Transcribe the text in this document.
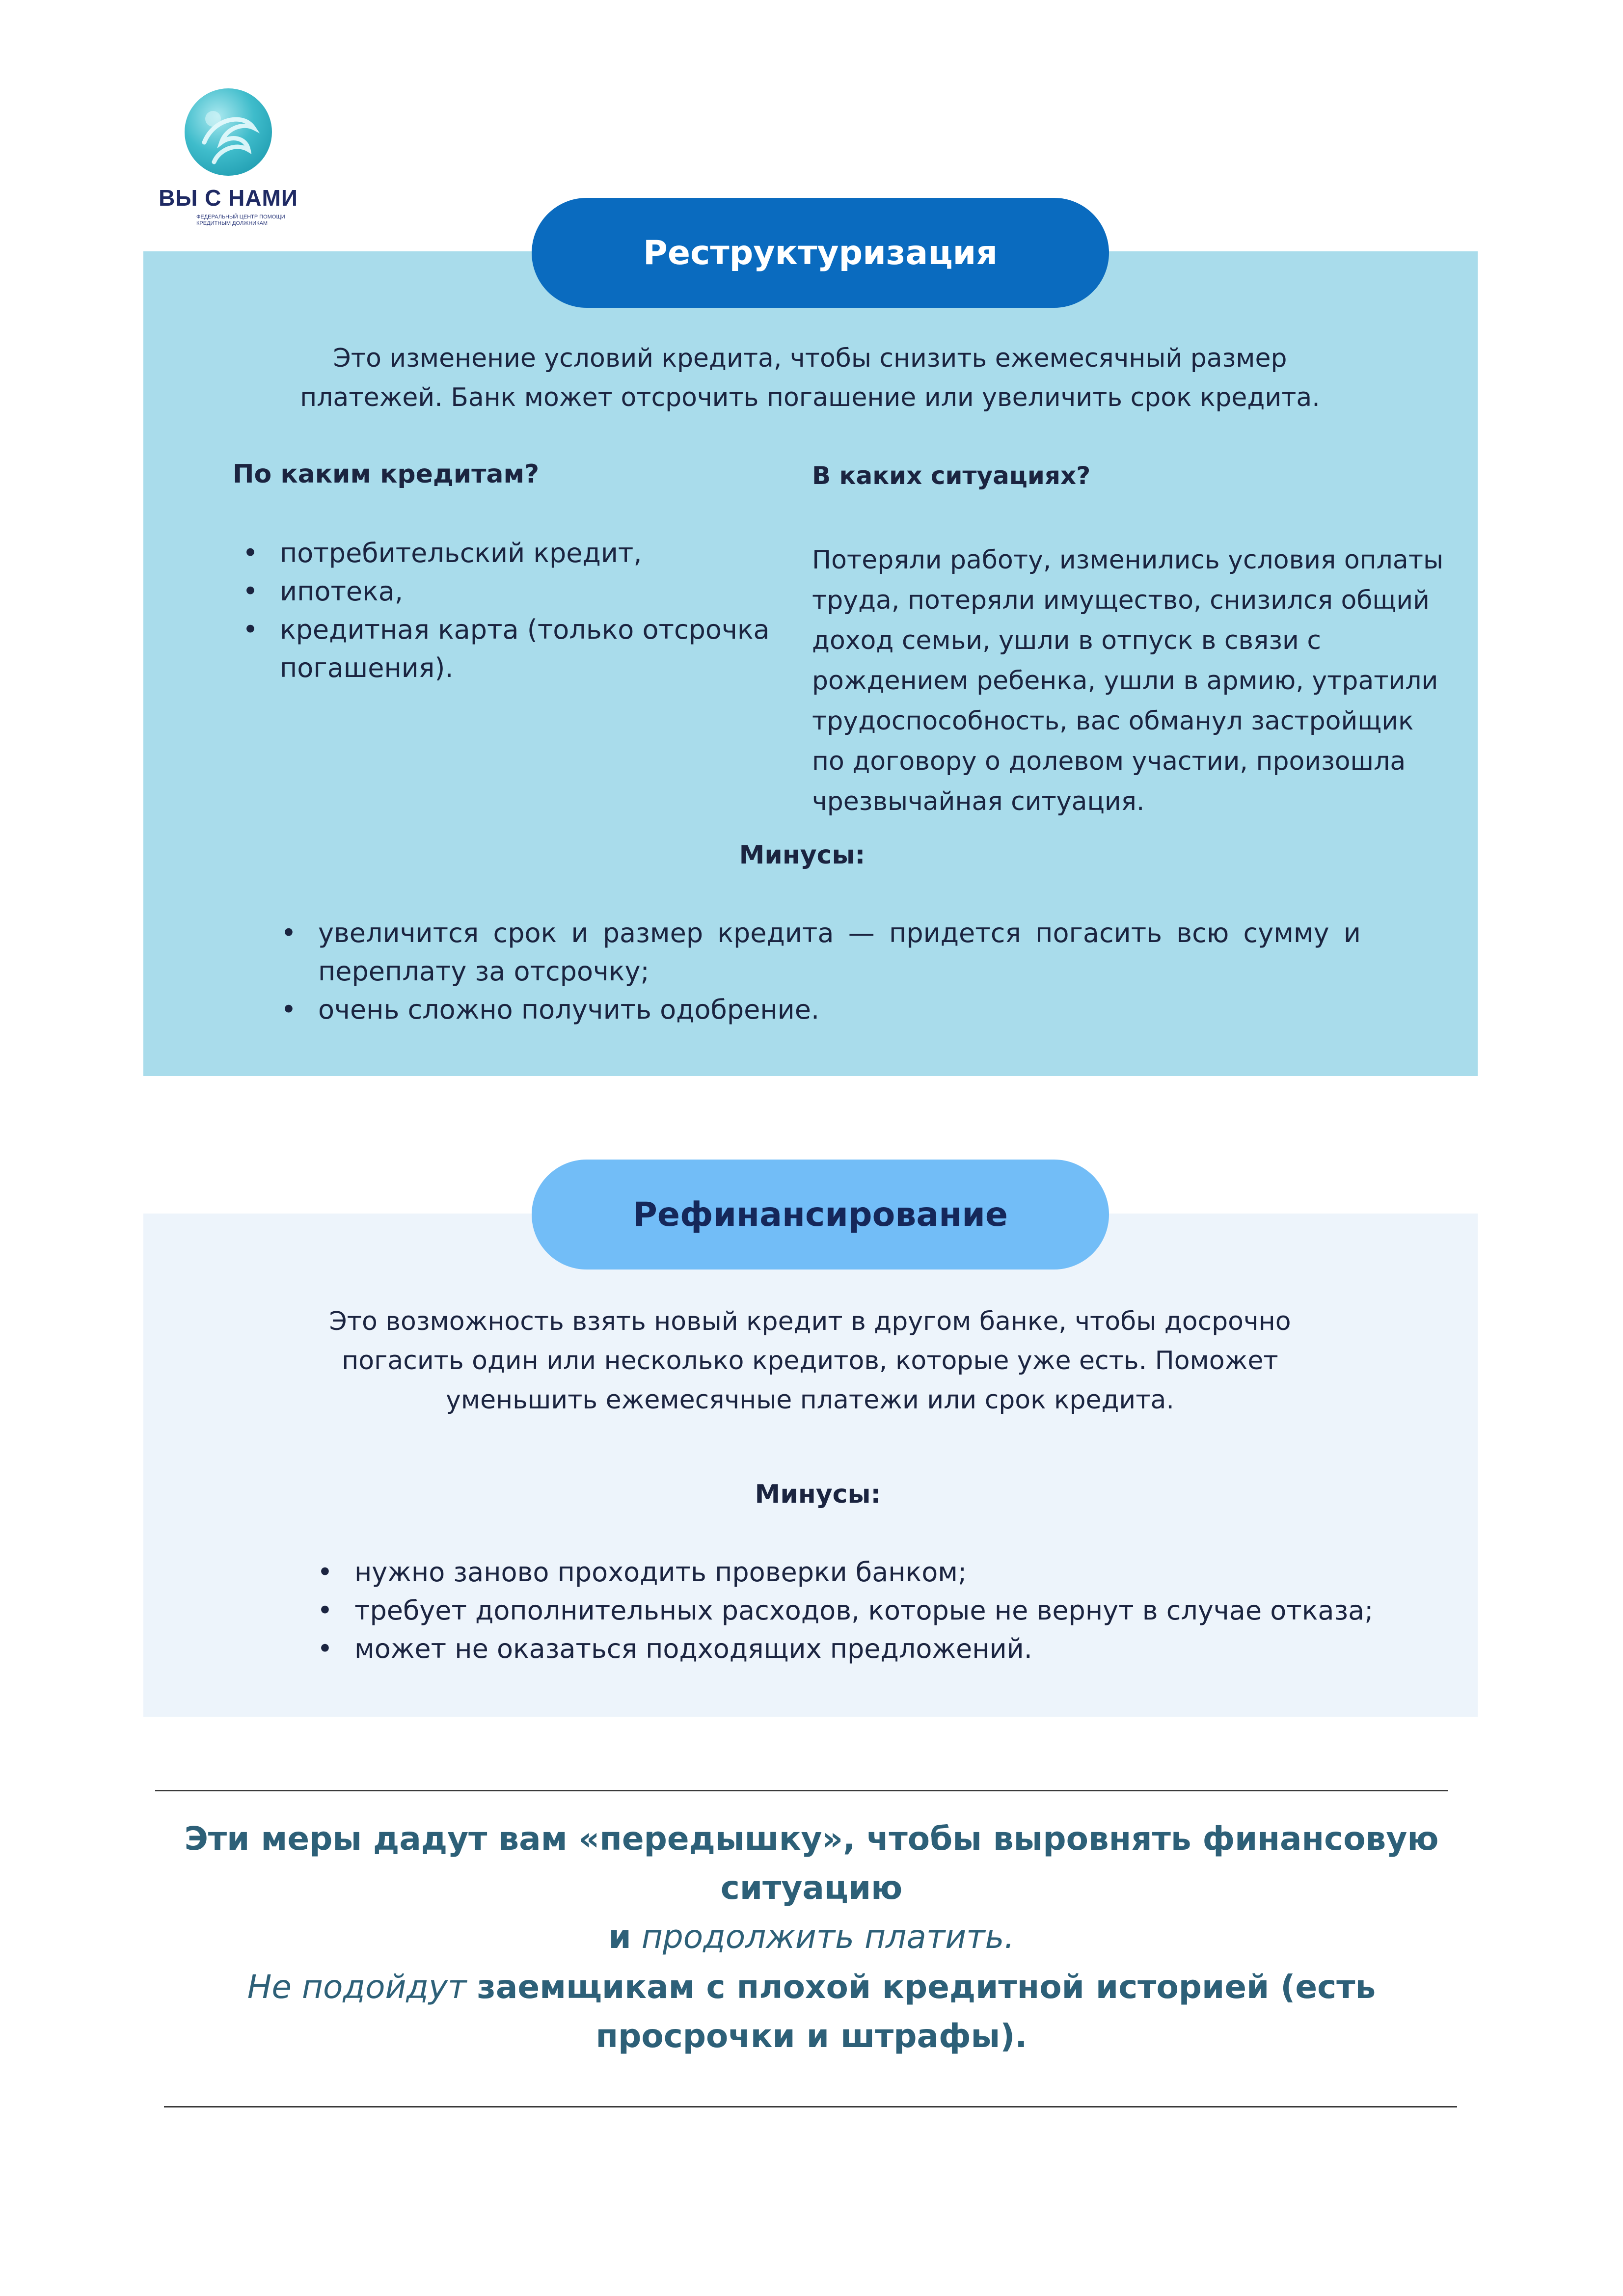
ВЫ С НАМИ
ФЕДЕРАЛЬНЫЙ ЦЕНТР ПОМОЩИ КРЕДИТНЫМ ДОЛЖНИКАМ
Реструктуризация
Это изменение условий кредита, чтобы снизить ежемесячный размер платежей. Банк может отсрочить погашение или увеличить срок кредита.
По каким кредитам?
• потребительский кредит,
• ипотека,
• кредитная карта (только отсрочка погашения).
В каких ситуациях?
Потеряли работу, изменились условия оплаты труда, потеряли имущество, снизился общий доход семьи, ушли в отпуск в связи с рождением ребенка, ушли в армию, утратили трудоспособность, вас обманул застройщик по договору о долевом участии, произошла чрезвычайная ситуация.
Минусы:
• увеличится срок и размер кредита — придется погасить всю сумму и переплату за отсрочку;
• очень сложно получить одобрение.
Рефинансирование
Это возможность взять новый кредит в другом банке, чтобы досрочно погасить один или несколько кредитов, которые уже есть. Поможет уменьшить ежемесячные платежи или срок кредита.
Минусы:
• нужно заново проходить проверки банком;
• требует дополнительных расходов, которые не вернут в случае отказа;
• может не оказаться подходящих предложений.
Эти меры дадут вам «передышку», чтобы выровнять финансовую ситуацию
и продолжить платить.
Не подойдут заемщикам с плохой кредитной историей (есть просрочки и штрафы).
